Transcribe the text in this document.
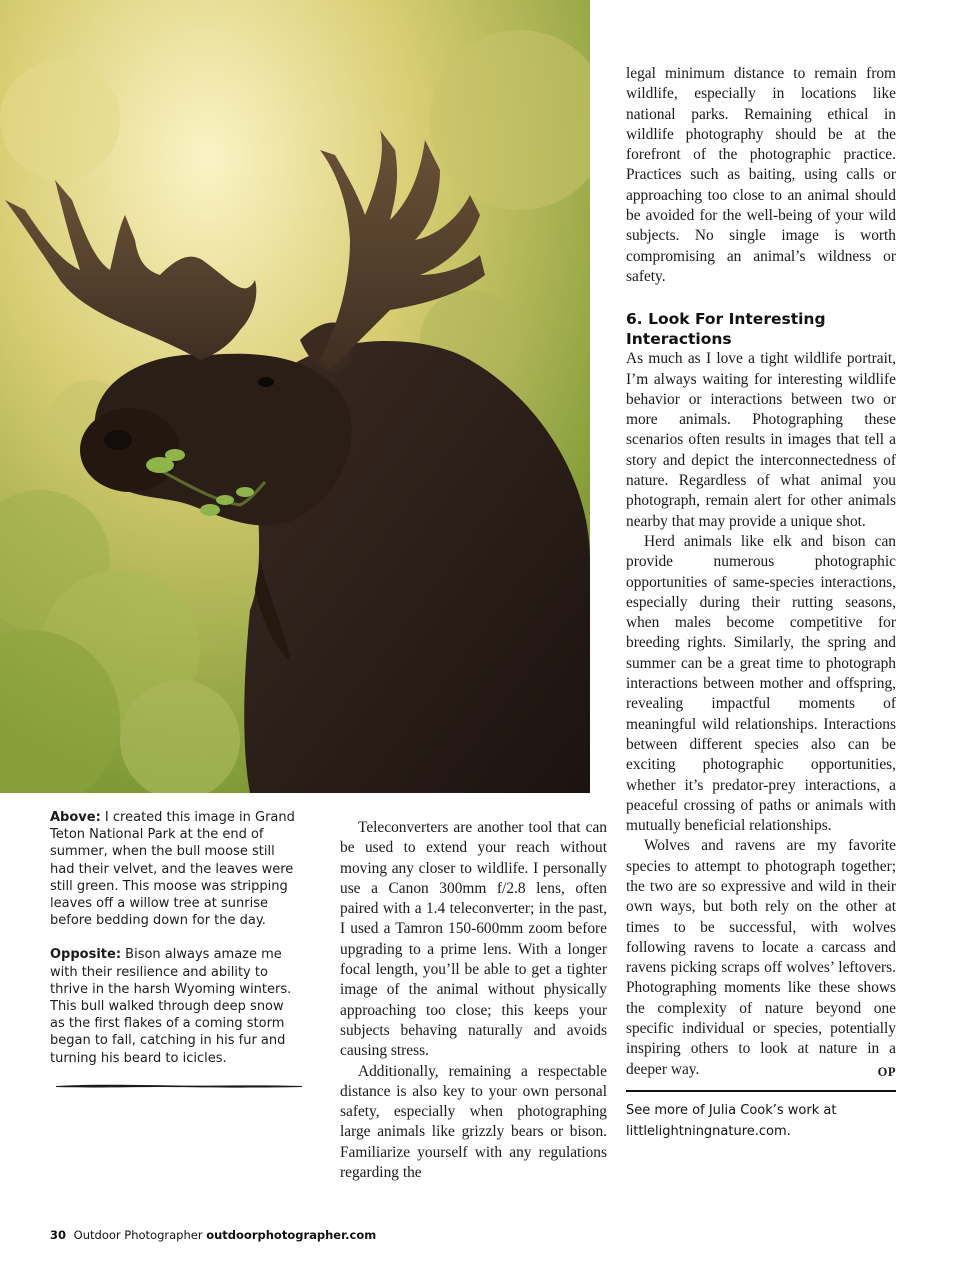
legal minimum distance to remain from wildlife, especially in locations like national parks. Remaining ethical in wildlife photography should be at the forefront of the photographic practice. Practices such as baiting, using calls or approaching too close to an animal should be avoided for the well-being of your wild subjects. No single image is worth compromising an animal’s wildness or safety.

6. Look For Interesting Interactions

As much as I love a tight wildlife portrait, I’m always waiting for interesting wildlife behavior or interactions between two or more animals. Photographing these scenarios often results in images that tell a story and depict the interconnectedness of nature. Regardless of what animal you photograph, remain alert for other animals nearby that may provide a unique shot.

Herd animals like elk and bison can provide numerous photographic opportunities of same-species interactions, especially during their rutting seasons, when males become competitive for breeding rights. Similarly, the spring and summer can be a great time to photograph interactions between mother and offspring, revealing impactful moments of meaningful wild relationships. Interactions between different species also can be exciting photographic opportunities, whether it’s predator-prey interactions, a peaceful crossing of paths or animals with mutually beneficial relationships.

Wolves and ravens are my favorite species to attempt to photograph together; the two are so expressive and wild in their own ways, but both rely on the other at times to be successful, with wolves following ravens to locate a carcass and ravens picking scraps off wolves’ leftovers. Photographing moments like these shows the complexity of nature beyond one specific individual or species, potentially inspiring others to look at nature in a deeper way.	OP

See more of Julia Cook’s work at littlelightningnature.com.

Teleconverters are another tool that can be used to extend your reach without moving any closer to wildlife. I personally use a Canon 300mm f/2.8 lens, often paired with a 1.4 teleconverter; in the past, I used a Tamron 150-600mm zoom before upgrading to a prime lens. With a longer focal length, you’ll be able to get a tighter image of the animal without physically approaching too close; this keeps your subjects behaving naturally and avoids causing stress.

Additionally, remaining a respectable distance is also key to your own personal safety, especially when photographing large animals like grizzly bears or bison. Familiarize yourself with any regulations regarding the

Above: I created this image in Grand Teton National Park at the end of summer, when the bull moose still had their velvet, and the leaves were still green. This moose was stripping leaves off a willow tree at sunrise before bedding down for the day.

Opposite: Bison always amaze me with their resilience and ability to thrive in the harsh Wyoming winters. This bull walked through deep snow as the first flakes of a coming storm began to fall, catching in his fur and turning his beard to icicles.

30 Outdoor Photographer outdoorphotographer.com
